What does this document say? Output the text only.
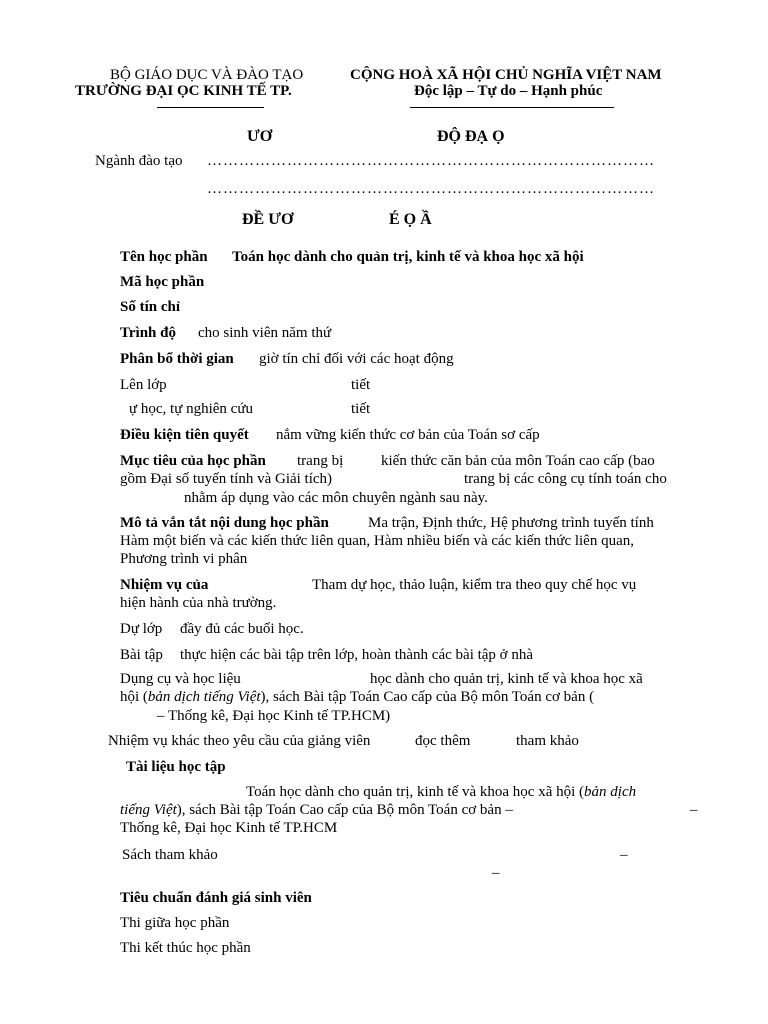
BỘ GIÁO DỤC VÀ ĐÀO TẠO
TRƯỜNG ĐẠI ỌC KINH TẾ TP.
CỘNG HOÀ XÃ HỘI CHỦ NGHĨA VIỆT NAM
Độc lập – Tự do – Hạnh phúc
ƯƠ	ĐỘ ĐẠ Ọ
Ngành đào tạo …………………………………………………………………………
…………………………………………………………………………
ĐỀ ƯƠ	É Ọ Ầ
Tên học phần Toán học dành cho quản trị, kinh tế và khoa học xã hội
Mã học phần
Số tín chỉ
Trình độ cho sinh viên năm thứ
Phân bổ thời gian giờ tín chỉ đối với các hoạt động
Lên lớp	tiết
ự học, tự nghiên cứu	tiết
Điều kiện tiên quyết nắm vững kiến thức cơ bản của Toán sơ cấp
Mục tiêu của học phần trang bị	kiến thức căn bản của môn Toán cao cấp (bao
gồm Đại số tuyến tính và Giải tích)	trang bị các công cụ tính toán cho
nhằm áp dụng vào các môn chuyên ngành sau này.
Mô tả vắn tắt nội dung học phần	Ma trận, Định thức, Hệ phương trình tuyến tính
Hàm một biến và các kiến thức liên quan, Hàm nhiều biến và các kiến thức liên quan,
Phương trình vi phân
Nhiệm vụ của	Tham dự học, thảo luận, kiểm tra theo quy chế học vụ
hiện hành của nhà trường.
Dự lớp đầy đủ các buổi học.
Bài tập thực hiện các bài tập trên lớp, hoàn thành các bài tập ở nhà
Dụng cụ và học liệu	học dành cho quản trị, kinh tế và khoa học xã
hội (bản dịch tiếng Việt), sách Bài tập Toán Cao cấp của Bộ môn Toán cơ bản (
– Thống kê, Đại học Kinh tế TP.HCM)
Nhiệm vụ khác theo yêu cầu của giảng viên	đọc thêm	tham khảo
Tài liệu học tập
Toán học dành cho quản trị, kinh tế và khoa học xã hội (bản dịch
tiếng Việt), sách Bài tập Toán Cao cấp của Bộ môn Toán cơ bản –	–
Thống kê, Đại học Kinh tế TP.HCM
Sách tham khảo	–
–
Tiêu chuẩn đánh giá sinh viên
Thi giữa học phần
Thi kết thúc học phần
